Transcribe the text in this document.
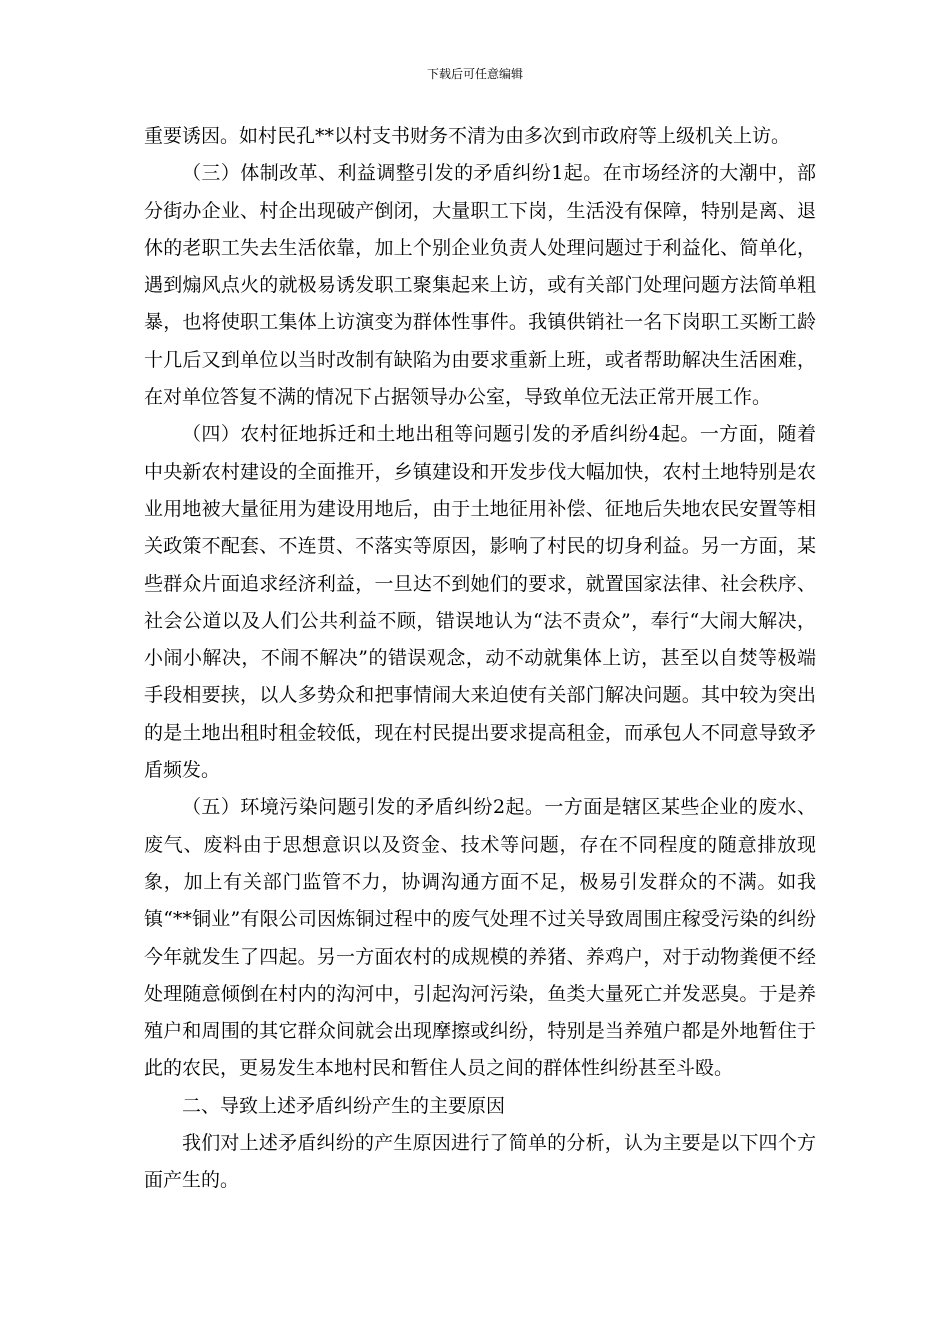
下载后可任意编辑

重要诱因。如村民孔**以村支书财务不清为由多次到市政府等上级机关上访。

（三）体制改革、利益调整引发的矛盾纠纷1起。在市场经济的大潮中，部分街办企业、村企出现破产倒闭，大量职工下岗，生活没有保障，特别是离、退休的老职工失去生活依靠，加上个别企业负责人处理问题过于利益化、简单化，遇到煽风点火的就极易诱发职工聚集起来上访，或有关部门处理问题方法简单粗暴，也将使职工集体上访演变为群体性事件。我镇供销社一名下岗职工买断工龄十几后又到单位以当时改制有缺陷为由要求重新上班，或者帮助解决生活困难，在对单位答复不满的情况下占据领导办公室，导致单位无法正常开展工作。

（四）农村征地拆迁和土地出租等问题引发的矛盾纠纷4起。一方面，随着中央新农村建设的全面推开，乡镇建设和开发步伐大幅加快，农村土地特别是农业用地被大量征用为建设用地后，由于土地征用补偿、征地后失地农民安置等相关政策不配套、不连贯、不落实等原因，影响了村民的切身利益。另一方面，某些群众片面追求经济利益，一旦达不到她们的要求，就置国家法律、社会秩序、社会公道以及人们公共利益不顾，错误地认为“法不责众”，奉行“大闹大解决，小闹小解决，不闹不解决”的错误观念，动不动就集体上访，甚至以自焚等极端手段相要挟，以人多势众和把事情闹大来迫使有关部门解决问题。其中较为突出的是土地出租时租金较低，现在村民提出要求提高租金，而承包人不同意导致矛盾频发。

（五）环境污染问题引发的矛盾纠纷2起。一方面是辖区某些企业的废水、废气、废料由于思想意识以及资金、技术等问题，存在不同程度的随意排放现象，加上有关部门监管不力，协调沟通方面不足，极易引发群众的不满。如我镇“**铜业”有限公司因炼铜过程中的废气处理不过关导致周围庄稼受污染的纠纷今年就发生了四起。另一方面农村的成规模的养猪、养鸡户，对于动物粪便不经处理随意倾倒在村内的沟河中，引起沟河污染，鱼类大量死亡并发恶臭。于是养殖户和周围的其它群众间就会出现摩擦或纠纷，特别是当养殖户都是外地暂住于此的农民，更易发生本地村民和暂住人员之间的群体性纠纷甚至斗殴。

二、导致上述矛盾纠纷产生的主要原因

我们对上述矛盾纠纷的产生原因进行了简单的分析，认为主要是以下四个方面产生的。
